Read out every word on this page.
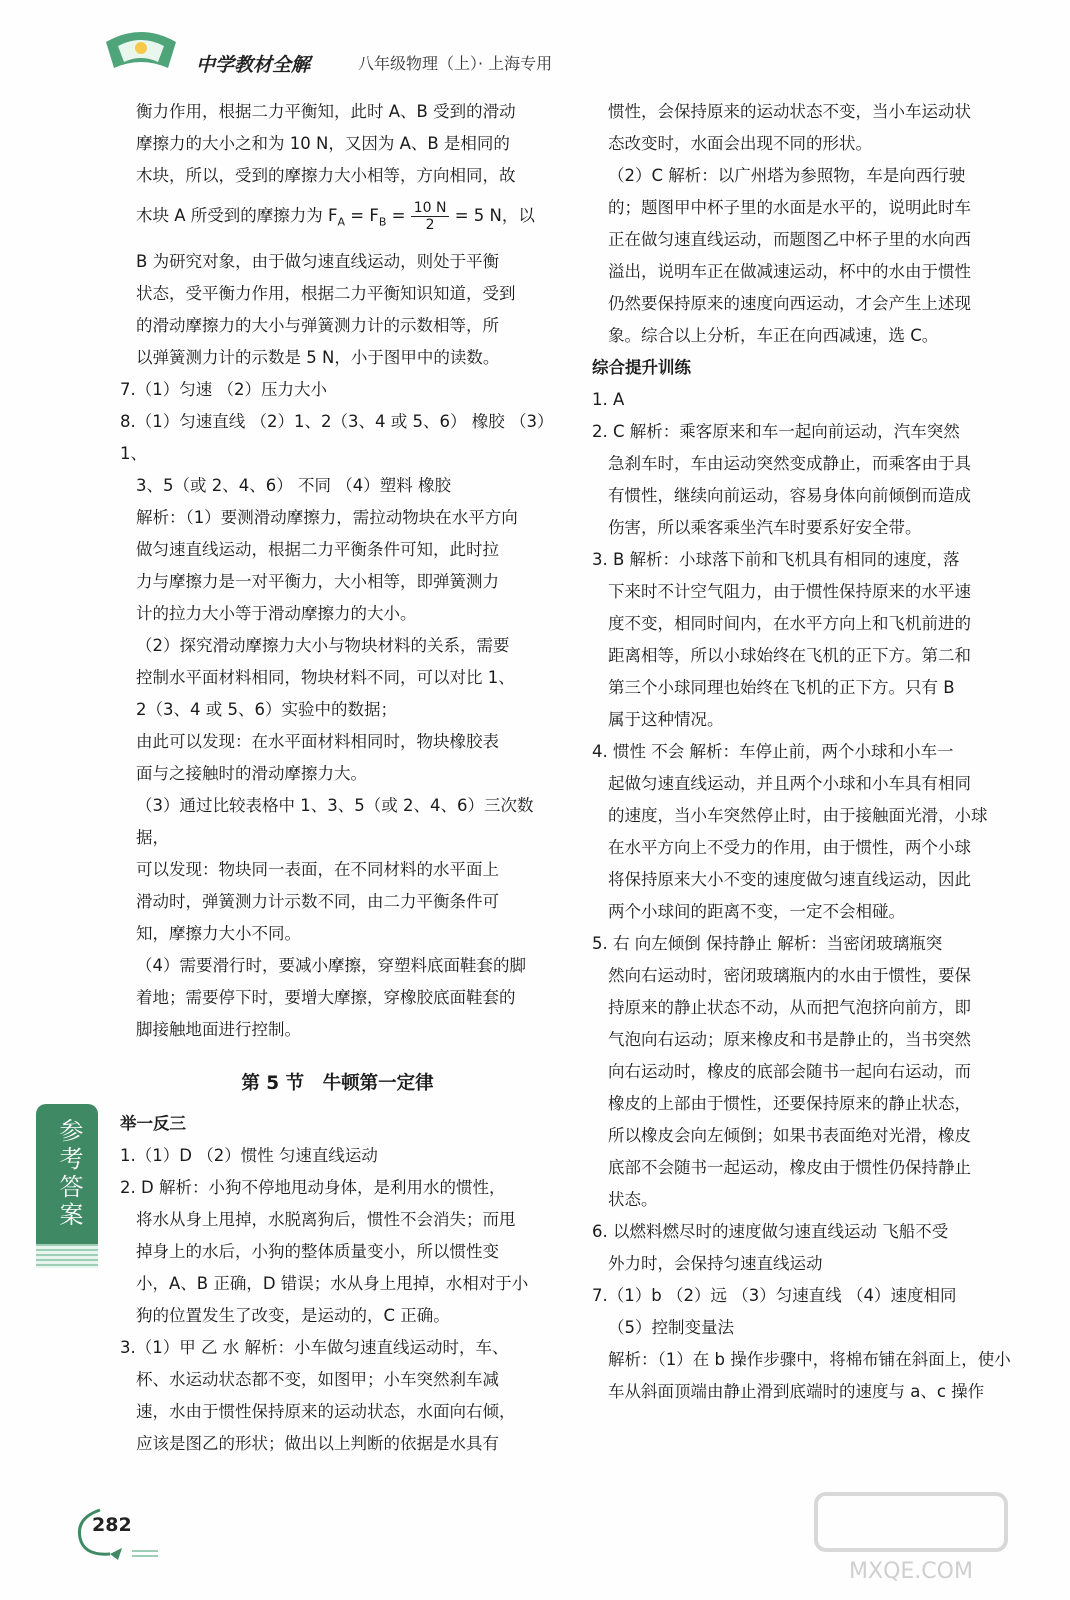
中学教材全解	八年级物理（上）· 上海专用

衡力作用，根据二力平衡知，此时 A、B 受到的滑动

摩擦力的大小之和为 10 N，又因为 A、B 是相同的

木块，所以，受到的摩擦力大小相等，方向相同，故

木块 A 所受到的摩擦力为 $F_A = F_B = \frac{10 N}{2} = 5$ N，以

B 为研究对象，由于做匀速直线运动，则处于平衡

状态，受平衡力作用，根据二力平衡知识知道，受到

的滑动摩擦力的大小与弹簧测力计的示数相等，所

以弹簧测力计的示数是 5 N，小于图甲中的读数。

7.（1）匀速 （2）压力大小

8.（1）匀速直线 （2）1、2（3、4 或 5、6） 橡胶 （3）1、

3、5（或 2、4、6） 不同 （4）塑料 橡胶

解析：（1）要测滑动摩擦力，需拉动物块在水平方向

做匀速直线运动，根据二力平衡条件可知，此时拉

力与摩擦力是一对平衡力，大小相等，即弹簧测力

计的拉力大小等于滑动摩擦力的大小。

（2）探究滑动摩擦力大小与物块材料的关系，需要

控制水平面材料相同，物块材料不同，可以对比 1、

2（3、4 或 5、6）实验中的数据；

由此可以发现：在水平面材料相同时，物块橡胶表

面与之接触时的滑动摩擦力大。

（3）通过比较表格中 1、3、5（或 2、4、6）三次数据，

可以发现：物块同一表面，在不同材料的水平面上

滑动时，弹簧测力计示数不同，由二力平衡条件可

知，摩擦力大小不同。

（4）需要滑行时，要减小摩擦，穿塑料底面鞋套的脚

着地；需要停下时，要增大摩擦，穿橡胶底面鞋套的

脚接触地面进行控制。

第 5 节　牛顿第一定律
举一反三

1.（1）D （2）惯性 匀速直线运动

2. D 解析：小狗不停地甩动身体，是利用水的惯性，

将水从身上甩掉，水脱离狗后，惯性不会消失；而甩

掉身上的水后，小狗的整体质量变小，所以惯性变

小，A、B 正确，D 错误；水从身上甩掉，水相对于小

狗的位置发生了改变，是运动的，C 正确。

3.（1）甲 乙 水 解析：小车做匀速直线运动时，车、

杯、水运动状态都不变，如图甲；小车突然刹车减

速，水由于惯性保持原来的运动状态，水面向右倾，

应该是图乙的形状；做出以上判断的依据是水具有

惯性，会保持原来的运动状态不变，当小车运动状

态改变时，水面会出现不同的形状。

（2）C 解析：以广州塔为参照物，车是向西行驶

的；题图甲中杯子里的水面是水平的，说明此时车

正在做匀速直线运动，而题图乙中杯子里的水向西

溢出，说明车正在做减速运动，杯中的水由于惯性

仍然要保持原来的速度向西运动，才会产生上述现

象。综合以上分析，车正在向西减速，选 C。

综合提升训练

1. A

2. C 解析：乘客原来和车一起向前运动，汽车突然

急刹车时，车由运动突然变成静止，而乘客由于具

有惯性，继续向前运动，容易身体向前倾倒而造成

伤害，所以乘客乘坐汽车时要系好安全带。

3. B 解析：小球落下前和飞机具有相同的速度，落

下来时不计空气阻力，由于惯性保持原来的水平速

度不变，相同时间内，在水平方向上和飞机前进的

距离相等，所以小球始终在飞机的正下方。第二和

第三个小球同理也始终在飞机的正下方。只有 B

属于这种情况。

4. 惯性 不会 解析：车停止前，两个小球和小车一

起做匀速直线运动，并且两个小球和小车具有相同

的速度，当小车突然停止时，由于接触面光滑，小球

在水平方向上不受力的作用，由于惯性，两个小球

将保持原来大小不变的速度做匀速直线运动，因此

两个小球间的距离不变，一定不会相碰。

5. 右 向左倾倒 保持静止 解析：当密闭玻璃瓶突

然向右运动时，密闭玻璃瓶内的水由于惯性，要保

持原来的静止状态不动，从而把气泡挤向前方，即

气泡向右运动；原来橡皮和书是静止的，当书突然

向右运动时，橡皮的底部会随书一起向右运动，而

橡皮的上部由于惯性，还要保持原来的静止状态，

所以橡皮会向左倾倒；如果书表面绝对光滑，橡皮

底部不会随书一起运动，橡皮由于惯性仍保持静止

状态。

6. 以燃料燃尽时的速度做匀速直线运动 飞船不受

外力时，会保持匀速直线运动

7.（1）b （2）远 （3）匀速直线 （4）速度相同

（5）控制变量法

解析：（1）在 b 操作步骤中，将棉布铺在斜面上，使小

车从斜面顶端由静止滑到底端时的速度与 a、c 操作

参考答案
282
MXQE.COM
